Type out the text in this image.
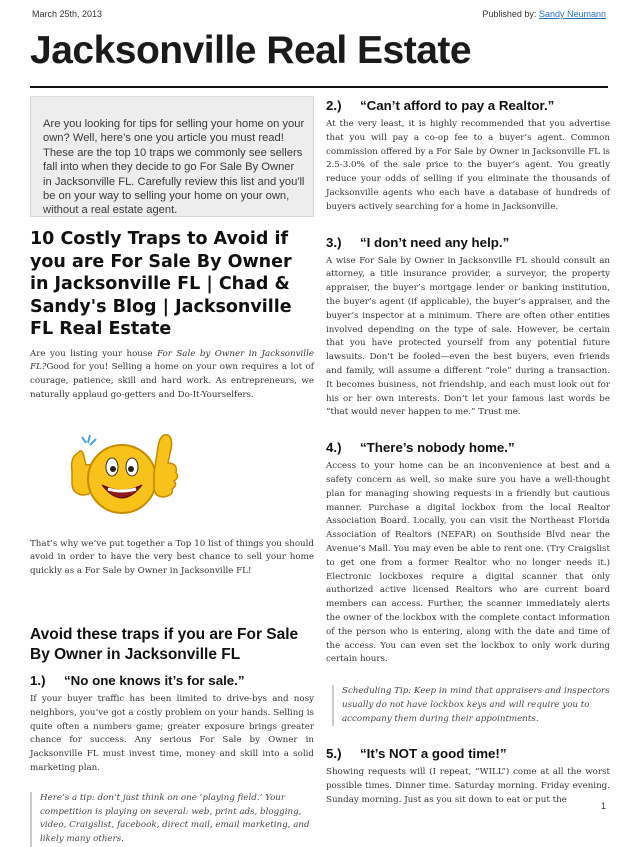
March 25th, 2013	Published by: Sandy Neumann
Jacksonville Real Estate
Are you looking for tips for selling your home on your own? Well, here’s one you article you must read! These are the top 10 traps we commonly see sellers fall into when they decide to go For Sale By Owner in Jacksonville FL. Carefully review this list and you'll be on your way to selling your home on your own, without a real estate agent.
10 Costly Traps to Avoid if you are For Sale By Owner in Jacksonville FL | Chad & Sandy's Blog | Jacksonville FL Real Estate
Are you listing your house For Sale by Owner in Jacksonville FL?Good for you! Selling a home on your own requires a lot of courage, patience, skill and hard work. As entrepreneurs, we naturally applaud go-getters and Do-It-Yourselfers.
That’s why we’ve put together a Top 10 list of things you should avoid in order to have the very best chance to sell your home quickly as a For Sale by Owner in Jacksonville FL!
Avoid these traps if you are For Sale By Owner in Jacksonville FL
1.)	“No one knows it’s for sale.”
If your buyer traffic has been limited to drive-bys and nosy neighbors, you’ve got a costly problem on your hands. Selling is quite often a numbers game; greater exposure brings greater chance for success. Any serious For Sale by Owner in Jacksonville FL must invest time, money and skill into a solid marketing plan.
Here’s a tip: don’t just think on one ‘playing field.’ Your competition is playing on several: web, print ads, blogging, video, Craigslist, facebook, direct mail, email marketing, and likely many others.
2.)	“Can’t afford to pay a Realtor.”
At the very least, it is highly recommended that you advertise that you will pay a co-op fee to a buyer’s agent. Common commission offered by a For Sale by Owner in Jacksonville FL is 2.5-3.0% of the sale price to the buyer’s agent. You greatly reduce your odds of selling if you eliminate the thousands of Jacksonville agents who each have a database of hundreds of buyers actively searching for a home in Jacksonville.
3.)	“I don’t need any help.”
A wise For Sale by Owner in Jacksonville FL should consult an attorney, a title insurance provider, a surveyor, the property appraiser, the buyer’s mortgage lender or banking institution, the buyer’s agent (if applicable), the buyer’s appraiser, and the buyer’s inspector at a minimum. There are often other entities involved depending on the type of sale. However, be certain that you have protected yourself from any potential future lawsuits. Don’t be fooled—even the best buyers, even friends and family, will assume a different “role” during a transaction. It becomes business, not friendship, and each must look out for his or her own interests. Don’t let your famous last words be “that would never happen to me.” Trust me.
4.)	“There’s nobody home.”
Access to your home can be an inconvenience at best and a safety concern as well, so make sure you have a well-thought plan for managing showing requests in a friendly but cautious manner. Purchase a digital lockbox from the local Realtor Association Board. Locally, you can visit the Northeast Florida Association of Realtors (NEFAR) on Southside Blvd near the Avenue’s Mall. You may even be able to rent one. (Try Craigslist to get one from a former Realtor who no longer needs it.) Electronic lockboxes require a digital scanner that only authorized active licensed Realtors who are current board members can access. Further, the scanner immediately alerts the owner of the lockbox with the complete contact information of the person who is entering, along with the date and time of the access. You can even set the lockbox to only work during certain hours.
Scheduling Tip: Keep in mind that appraisers and inspectors usually do not have lockbox keys and will require you to accompany them during their appointments.
5.)	“It’s NOT a good time!”
Showing requests will (I repeat, “WILL”) come at all the worst possible times. Dinner time. Saturday morning. Friday evening. Sunday morning. Just as you sit down to eat or put the
1
